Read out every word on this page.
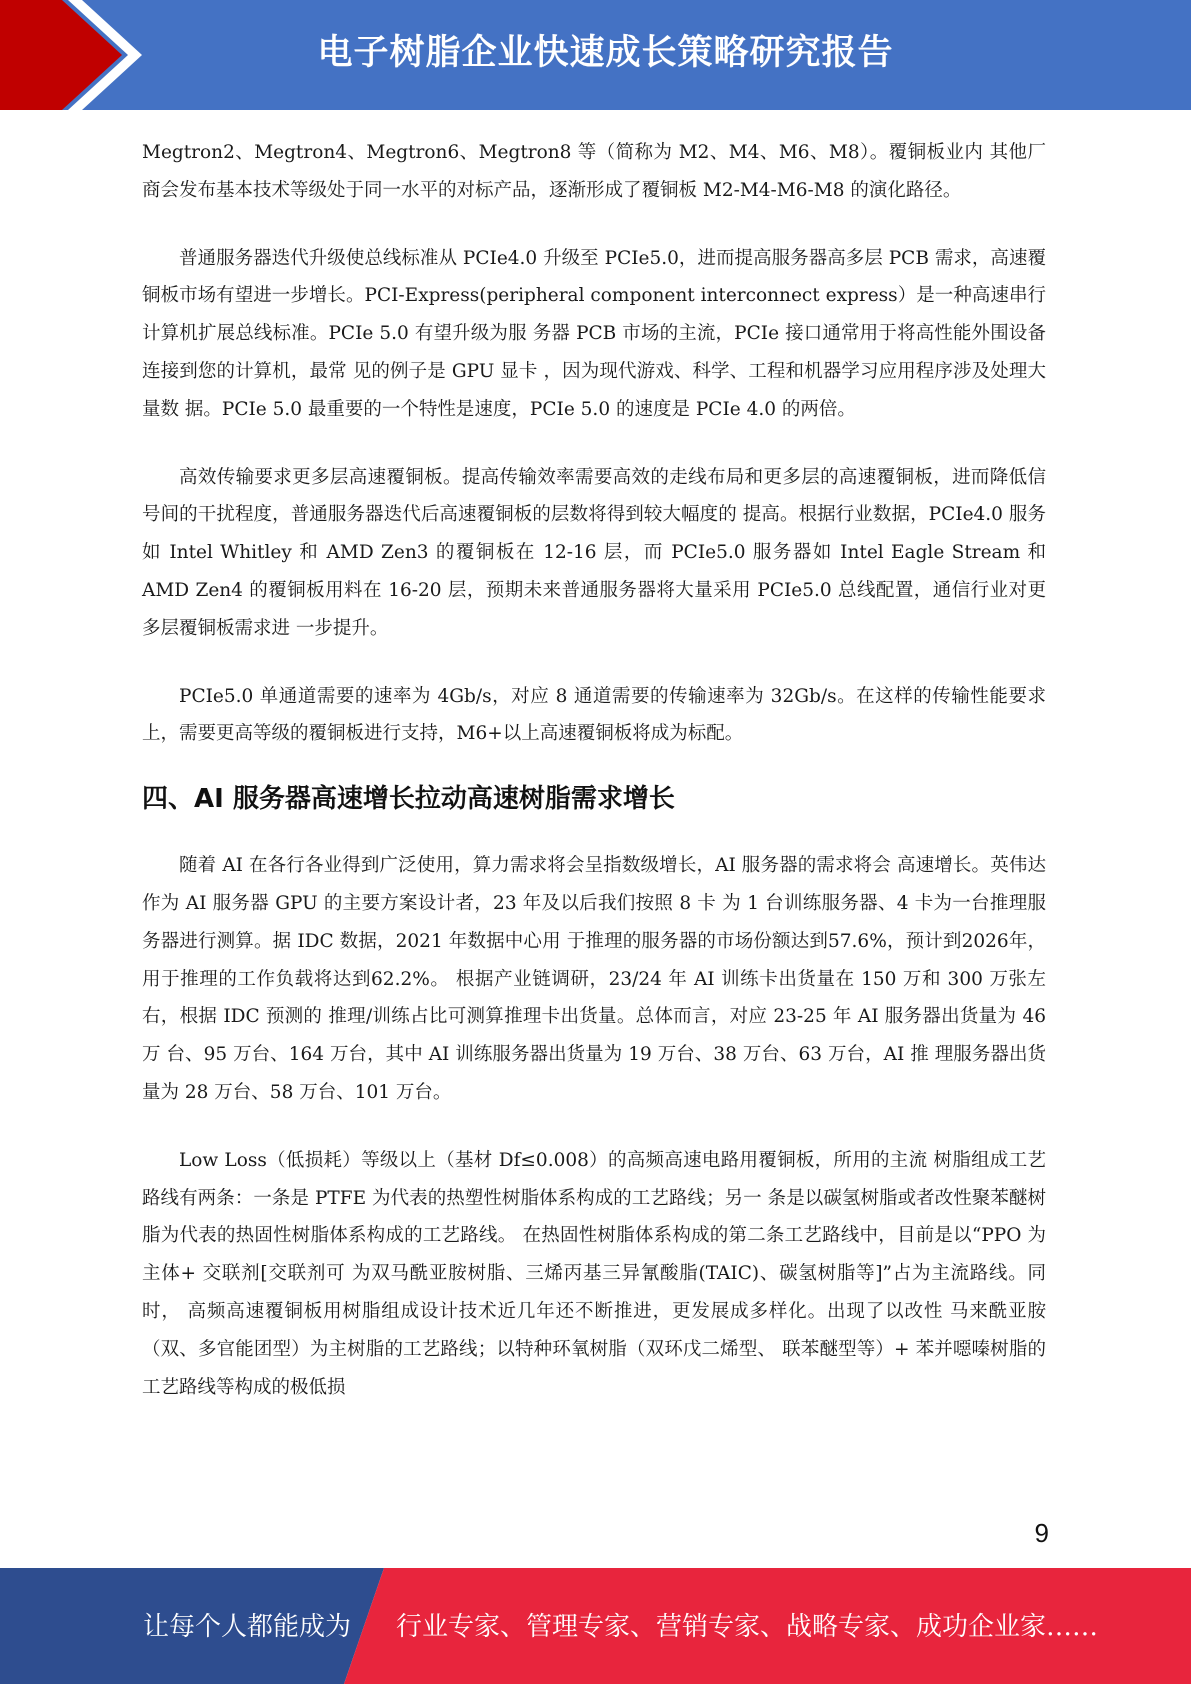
电子树脂企业快速成长策略研究报告

Megtron2、Megtron4、Megtron6、Megtron8 等（简称为 M2、M4、M6、M8）。覆铜板业内 其他厂商会发布基本技术等级处于同一水平的对标产品，逐渐形成了覆铜板 M2-M4-M6-M8 的演化路径。

普通服务器迭代升级使总线标准从 PCIe4.0 升级至 PCIe5.0，进而提高服务器高多层 PCB 需求，高速覆铜板市场有望进一步增长。PCI-Express(peripheral component interconnect express）是一种高速串行计算机扩展总线标准。PCIe 5.0 有望升级为服 务器 PCB 市场的主流，PCIe 接口通常用于将高性能外围设备连接到您的计算机，最常 见的例子是 GPU 显卡 ，因为现代游戏、科学、工程和机器学习应用程序涉及处理大量数 据。PCIe 5.0 最重要的一个特性是速度，PCIe 5.0 的速度是 PCIe 4.0 的两倍。

高效传输要求更多层高速覆铜板。提高传输效率需要高效的走线布局和更多层的高速覆铜板，进而降低信号间的干扰程度，普通服务器迭代后高速覆铜板的层数将得到较大幅度的 提高。根据行业数据，PCIe4.0 服务如 Intel Whitley 和 AMD Zen3 的覆铜板在 12-16 层，而 PCIe5.0 服务器如 Intel Eagle Stream 和 AMD Zen4 的覆铜板用料在 16-20 层，预期未来普通服务器将大量采用 PCIe5.0 总线配置，通信行业对更多层覆铜板需求进 一步提升。

PCIe5.0 单通道需要的速率为 4Gb/s，对应 8 通道需要的传输速率为 32Gb/s。在这样的传输性能要求上，需要更高等级的覆铜板进行支持，M6+以上高速覆铜板将成为标配。

四、AI 服务器高速增长拉动高速树脂需求增长

随着 AI 在各行各业得到广泛使用，算力需求将会呈指数级增长，AI 服务器的需求将会 高速增长。英伟达作为 AI 服务器 GPU 的主要方案设计者，23 年及以后我们按照 8 卡 为 1 台训练服务器、4 卡为一台推理服务器进行测算。据 IDC 数据，2021 年数据中心用 于推理的服务器的市场份额达到57.6%，预计到2026年，用于推理的工作负载将达到62.2%。 根据产业链调研，23/24 年 AI 训练卡出货量在 150 万和 300 万张左右，根据 IDC 预测的 推理/训练占比可测算推理卡出货量。总体而言，对应 23-25 年 AI 服务器出货量为 46 万 台、95 万台、164 万台，其中 AI 训练服务器出货量为 19 万台、38 万台、63 万台，AI 推 理服务器出货量为 28 万台、58 万台、101 万台。

Low Loss（低损耗）等级以上（基材 Df≤0.008）的高频高速电路用覆铜板，所用的主流 树脂组成工艺路线有两条：一条是 PTFE 为代表的热塑性树脂体系构成的工艺路线；另一 条是以碳氢树脂或者改性聚苯醚树脂为代表的热固性树脂体系构成的工艺路线。 在热固性树脂体系构成的第二条工艺路线中，目前是以“PPO 为主体+ 交联剂[交联剂可 为双马酰亚胺树脂、三烯丙基三异氰酸脂(TAIC)、碳氢树脂等]”占为主流路线。同时， 高频高速覆铜板用树脂组成设计技术近几年还不断推进，更发展成多样化。出现了以改性 马来酰亚胺（双、多官能团型）为主树脂的工艺路线；以特种环氧树脂（双环戊二烯型、 联苯醚型等）+ 苯并噁嗪树脂的工艺路线等构成的极低损

9
让每个人都能成为 行业专家、管理专家、营销专家、战略专家、成功企业家……
